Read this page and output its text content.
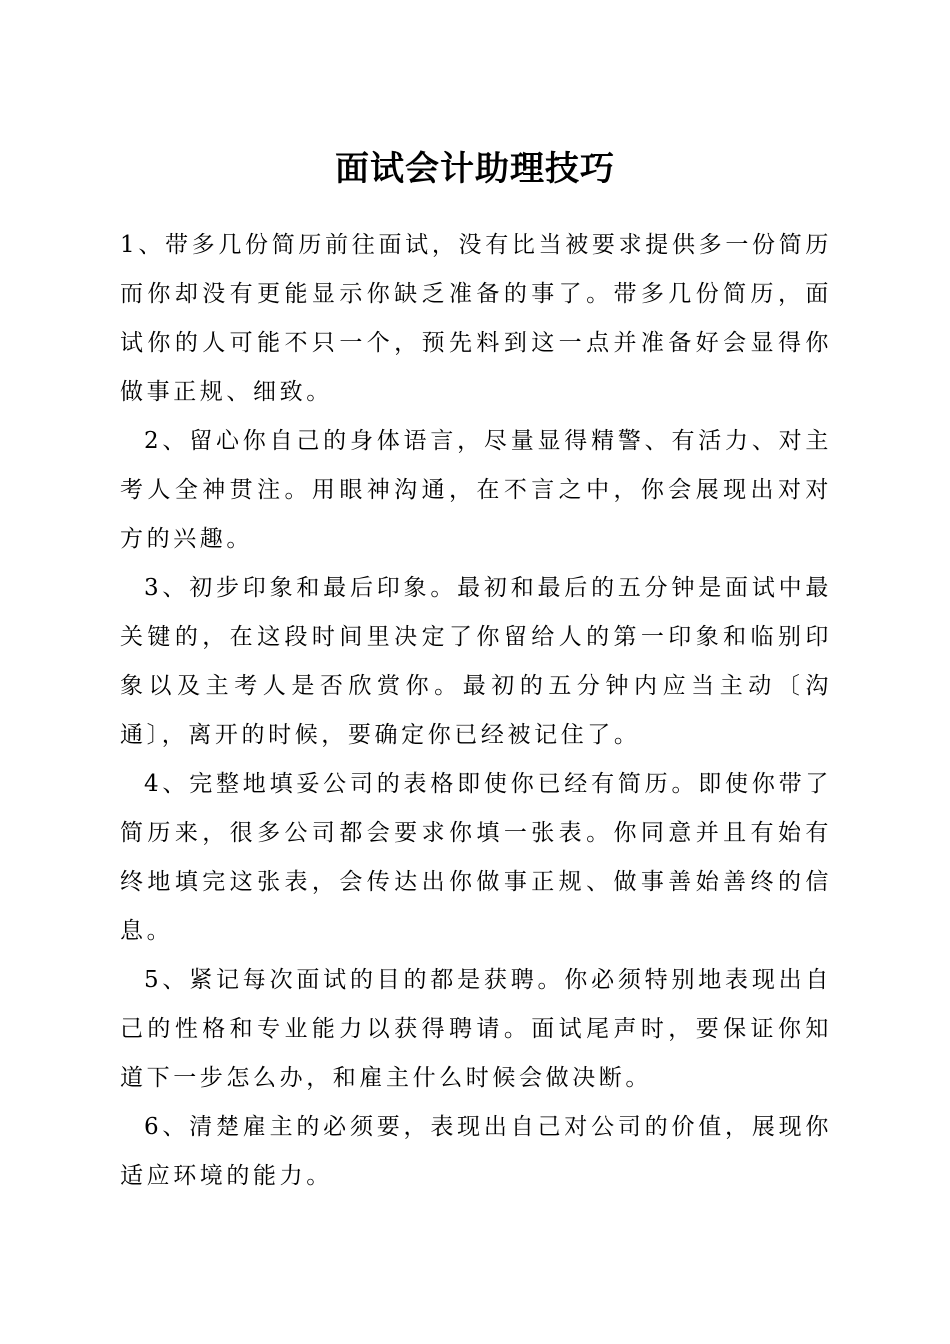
面试会计助理技巧

1、带多几份简历前往面试，没有比当被要求提供多一份简历而你却没有更能显示你缺乏准备的事了。带多几份简历，面试你的人可能不只一个，预先料到这一点并准备好会显得你做事正规、细致。

2、留心你自己的身体语言，尽量显得精警、有活力、对主考人全神贯注。用眼神沟通，在不言之中，你会展现出对对方的兴趣。

3、初步印象和最后印象。最初和最后的五分钟是面试中最关键的，在这段时间里决定了你留给人的第一印象和临别印象以及主考人是否欣赏你。最初的五分钟内应当主动〔沟通〕，离开的时候，要确定你已经被记住了。

4、完整地填妥公司的表格即使你已经有简历。即使你带了简历来，很多公司都会要求你填一张表。你同意并且有始有终地填完这张表，会传达出你做事正规、做事善始善终的信息。

5、紧记每次面试的目的都是获聘。你必须特别地表现出自己的性格和专业能力以获得聘请。面试尾声时，要保证你知道下一步怎么办，和雇主什么时候会做决断。

6、清楚雇主的必须要，表现出自己对公司的价值，展现你适应环境的能力。
